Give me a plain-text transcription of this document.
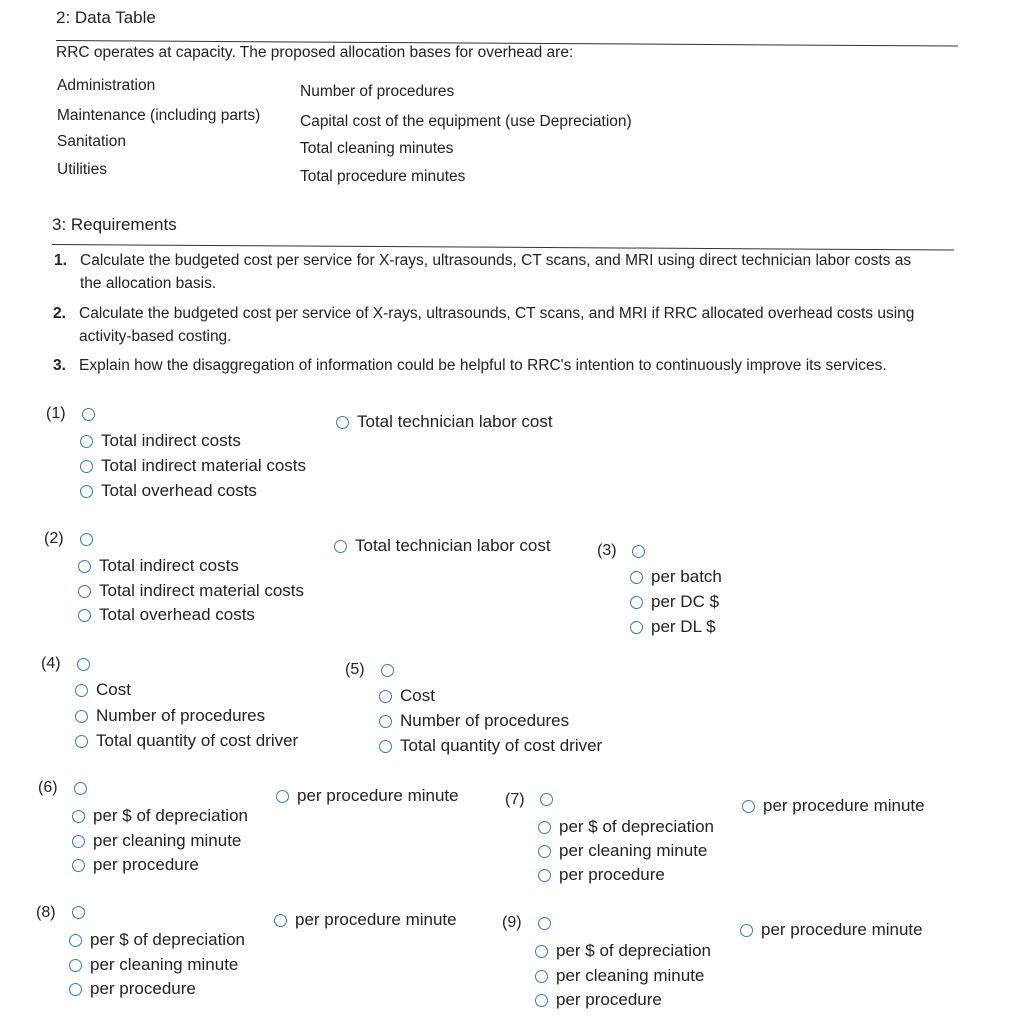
2: Data Table
RRC operates at capacity. The proposed allocation bases for overhead are:
Administration	Number of procedures
Maintenance (including parts)	Capital cost of the equipment (use Depreciation)
Sanitation	Total cleaning minutes
Utilities	Total procedure minutes
3: Requirements
1. Calculate the budgeted cost per service for X-rays, ultrasounds, CT scans, and MRI using direct technician labor costs as
the allocation basis.
2. Calculate the budgeted cost per service of X-rays, ultrasounds, CT scans, and MRI if RRC allocated overhead costs using
activity-based costing.
3. Explain how the disaggregation of information could be helpful to RRC's intention to continuously improve its services.
(1)
Total indirect costs
Total indirect material costs
Total overhead costs
Total technician labor cost
(2)
Total indirect costs
Total indirect material costs
Total overhead costs
Total technician labor cost	(3)
per batch
per DC $
per DL $
(4)
Cost
Number of procedures
Total quantity of cost driver
(5)
Cost
Number of procedures
Total quantity of cost driver
(6)
per $ of depreciation
per cleaning minute
per procedure
per procedure minute	(7)
per $ of depreciation
per cleaning minute
per procedure
per procedure minute
(8)
per $ of depreciation
per cleaning minute
per procedure
per procedure minute	(9)
per $ of depreciation
per cleaning minute
per procedure
per procedure minute
